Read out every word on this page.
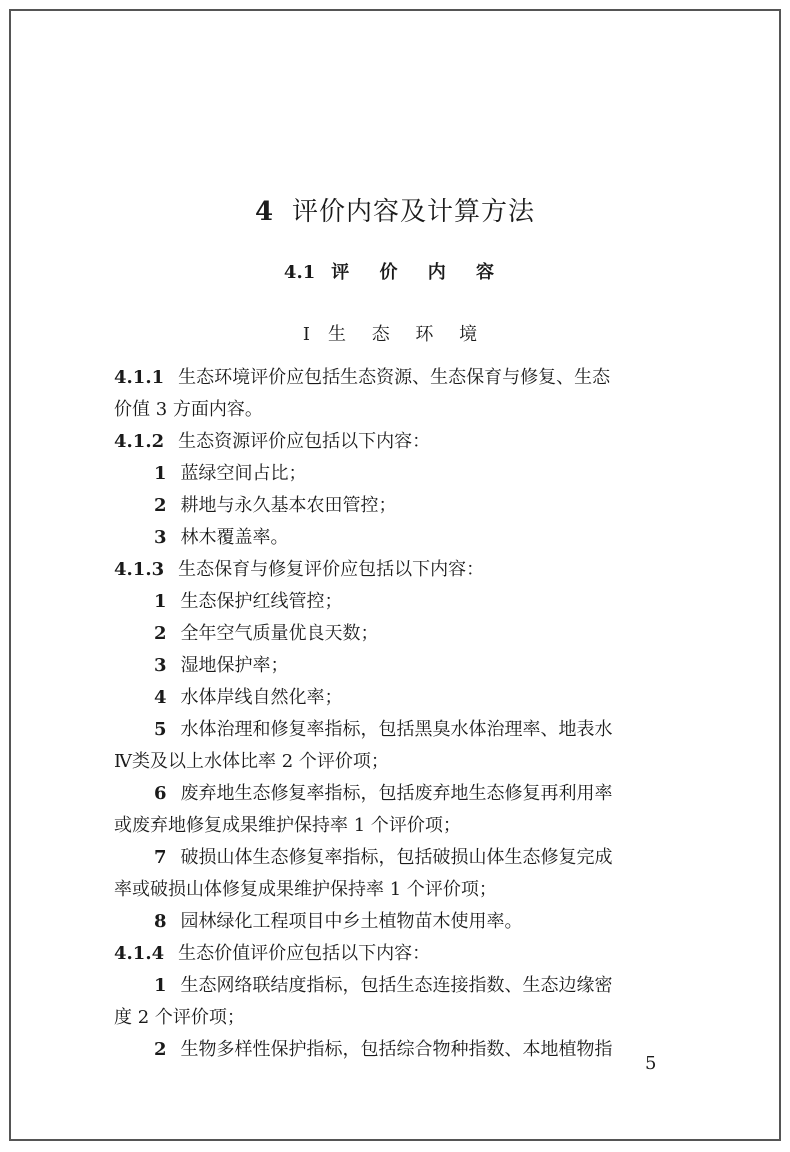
4 评价内容及计算方法
4.1 评 价 内 容
Ⅰ 生 态 环 境
4.1.1 生态环境评价应包括生态资源、生态保育与修复、生态
价值 3 方面内容。
4.1.2 生态资源评价应包括以下内容：
1 蓝绿空间占比；
2 耕地与永久基本农田管控；
3 林木覆盖率。
4.1.3 生态保育与修复评价应包括以下内容：
1 生态保护红线管控；
2 全年空气质量优良天数；
3 湿地保护率；
4 水体岸线自然化率；
5 水体治理和修复率指标，包括黑臭水体治理率、地表水
Ⅳ类及以上水体比率 2 个评价项；
6 废弃地生态修复率指标，包括废弃地生态修复再利用率
或废弃地修复成果维护保持率 1 个评价项；
7 破损山体生态修复率指标，包括破损山体生态修复完成
率或破损山体修复成果维护保持率 1 个评价项；
8 园林绿化工程项目中乡土植物苗木使用率。
4.1.4 生态价值评价应包括以下内容：
1 生态网络联结度指标，包括生态连接指数、生态边缘密
度 2 个评价项；
2 生物多样性保护指标，包括综合物种指数、本地植物指
5
